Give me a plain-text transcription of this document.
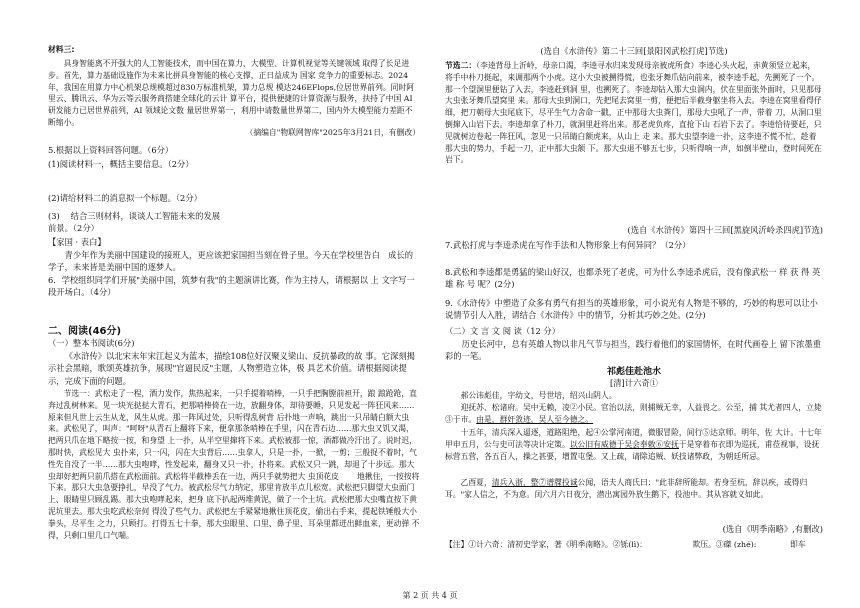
材料三:

具身智能离不开强大的人工智能技术，而中国在算力、大模型、计算机视觉等关键领域 取得了长足进步。首先，算力基础设施作为未来比拼具身智能的核心支撑，正日益成为 国家 竞争力的重要标志。2024年，我国在用算力中心机架总规模超过830万标准机架，算力总规 模达246EFlops,位居世界前列。同时阿里云、腾讯云、华为云等云服务商搭建全球化的云计 算平台，提供便捷的计算资源与服务，扶持了中国 AI 研发能力已居世界前列，AI 领域论文数 量居世界第一，利用中请数量世界第二，国内外大模型能力差距不断缩小。

（摘编自"物联网智库"2025年3月21日，有删改）

5.根据以上资料回答问题。（6分）

(1)阅读材料一，概括主要信息。（2分）

(2)请给材料二的消息拟一个标题。（2分）

(3)　 结合三则材料，谈谈人工智能未来的发展

前景。（2分）

【家国 · 表白】

青少年作为美丽中国建设的接班人，更应该把家国担当刻在骨子里。今天在学校里告白　成长的学子，未来皆是美丽中国的逐梦人。

6．学校组织同学们开展"美丽中国，筑梦有我"的主题演讲比赛，作为主持人，请根据以 上 文字写一段开场白。（4分）

二、阅读(46分)

（一）整本书阅读(6分)

《水浒传》以北宋末年宋江起义为蓝本，描绘108位好汉聚义梁山、反抗暴政的故 事。它深刻揭示社会黑暗，歌颂英雄抗争，展现"官逼民反"主题，人物塑造立体，极 具艺术价值。请根据阅读提示，完成下面的问题。

节选一：武松走了一程，酒力发作，焦热起来，一只手提着哨棒，一只手把胸膛前袒开，踉 踉跄跄，直奔过乱树林来。见一块光挞挞大青石，把那哨棒倚在一边，放翻身体，却待要睡，只见发起一阵狂风来……原来但凡世上云生从龙，风生从虎。那一阵风过处，只听得乱树背 后扑地一声响，跳出一只吊睛白额大虫来。武松见了，叫声："呵呀"从青石上翻将下来，便拿那条哨棒在手里，闪在青石边……那大虫又饥又渴，把两只爪在地下略按一按，和身望 上一扑，从半空里撺将下来。武松被那一惊，酒都做冷汗出了。说时迟，那时快，武松见大 虫扑来，只一闪，闪在大虫背后……虫拿人，只是一扑，一掀，一剪；三般捉不着时，气 性先自没了一半……那大虫咆哮，性发起来，翻身又只一扑，扑将来。武松又只一跳，却退了十步远。那大虫却好把两只前爪搭在武松面前。武松将半截棒丢在一边，两只手就势把大 虫顶花皮　　 地揪住，一按按将下来。那只大虫急要挣扎，早没了气力。被武松尽气力纳定，那里肯放半点儿松宽。武松把只脚望大虫面门上、眼睛里只顾乱踢。那大虫咆哮起来，把身 底下扒起两堆黄泥，做了一个土坑。武松把那大虫嘴直按下黄泥坑里去。那大虫吃武松奈何 得没了些气力。武松把左手紧紧地揪住顶花皮，偷出右手来，提起铁锤般大小拳头，尽平生 之力，只顾打。打得五七十拳，那大虫眼里、口里、鼻子里、耳朵里都迸出鲜血来，更动弹 不得，只剩口里几口气喘。

(选自《水浒传》第二十三回[景阳冈武松打虎]节选)

节选二：（李逵背母上沂岭，母亲口渴，李逵寻水归来发现母亲被虎所食）李逵心头火起，赤黄须竖立起来，将手中朴刀挺起，来调那两个小虎。这小大虫被搠得慌，也张牙舞爪钻向前来，被李逵手起，先搠死了一个。那一个望洞里便钻了入去，李逵赶到洞 里，也搠死了。李逵却钻入那大虫洞内，伏在里面张外面时，只见那母大虫张牙舞爪望窝里 来。那母大虫到洞口，先把尾去窝里一剪，便把后半截身躯坐将入去。李逵在窝里看得仔细，把刀朝母大虫尾底下，尽平生气力舍命一戳，正中那母大虫粪门，那母大虫吼了一声，带着 刀，从洞口里倒撺入山岩下去。李逵却拿了朴刀，就洞里赶将出来。那老虎负疼，直抢下山 石岩下去了。李逵恰待要赶，只见就树边卷起一阵狂风，忽见一只吊睛白额虎来，从山上 走 来。那大虫望李逵一扑，这李逵不慌不忙，趁着那大虫的势力，手起一刀，正中那大虫颔 下。那大虫退不够五七步，只听得响一声，如倒半壁山，登时间死在岩下。

(选自《水浒传》第四十三回[黑旋风沂岭杀四虎]节选)

7.武松打虎与李逵杀虎在写作手法和人物形象上有何异同？（2分）

8.武松和李逵都是勇猛的梁山好汉，也都杀死了老虎，可为什么李逵杀虎后，没有像武松一 样 获 得 英 雄 称 号 呢？(2分)

9.《水浒传》中塑造了众多有勇气有担当的英雄形象，可小说光有人物是不够的，巧妙的构思可以让小说情节引人入胜，请结合《水浒传》中的情节，分析其巧妙之处。(2分)

（二）文 言 文 阅 读（12 分）

历史长河中，总有英雄人物以非凡气节与担当，践行着他们的家国情怀，在时代画卷上 留下浓墨重彩的一笔。

祁彪佳赴池水

[清]计六奇①

郝公讳彪佳，字幼文，号世培，绍兴山阴人。

迎抚苏、松诸府。吴中无赖，凌②小民。官治以法，则捕贼无幸，人益畏之。公至，捕 其尤者四人，立毙③于市。由是，群奸敛迹，吴人至今德之。

十五年，清兵深入逼逐，道路阻绝，起④公掌河南道，微服冒险，间行⑤达京师。明年，佐 大计。十七年甲申五月，公与史可法等决计定策。以公旧有威德于吴会奉敕⑥安抚于是穿着布衣即为巡抚，甫莅视事，设抚标营五营，各五百人，操之甚要，增置屯堡。又上疏，请除追贼、妖技诸弊政，为朝廷所忌。

乙酉夏，清兵入浙，整⑦谱牒投诚公闻，语夫人商氏曰："此非辞所能却。若身至杭，辞以疾，或得归耳。"家人信之，不为意。闰六月六日夜分，潜出寓园外放生鹅下，投池中。其从容就义如此。

(选自《明季南略》,有删改)

【注】①计六奇：清初史学家，著《明季南略》。②铄(lì)：　　　　　　 欺压。③磔 (zhé):　　　　 即车

第 2 页 共 4 页
